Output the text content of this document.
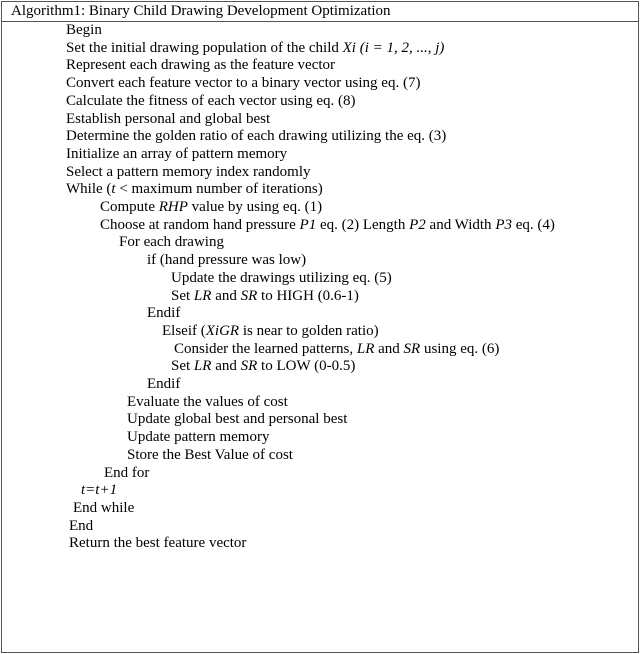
Algorithm1: Binary Child Drawing Development Optimization
Begin
Set the initial drawing population of the child Xi (i = 1, 2, ..., j)
Represent each drawing as the feature vector
Convert each feature vector to a binary vector using eq. (7)
Calculate the fitness of each vector using eq. (8)
Establish personal and global best
Determine the golden ratio of each drawing utilizing the eq. (3)
Initialize an array of pattern memory
Select a pattern memory index randomly
While (t < maximum number of iterations)
Compute RHP value by using eq. (1)
Choose at random hand pressure P1 eq. (2) Length P2 and Width P3 eq. (4)
For each drawing
if (hand pressure was low)
Update the drawings utilizing eq. (5)
Set LR and SR to HIGH (0.6-1)
Endif
Elseif (XiGR is near to golden ratio)
Consider the learned patterns, LR and SR using eq. (6)
Set LR and SR to LOW (0-0.5)
Endif
Evaluate the values of cost
Update global best and personal best
Update pattern memory
Store the Best Value of cost
End for
t=t+1
End while
End
Return the best feature vector
